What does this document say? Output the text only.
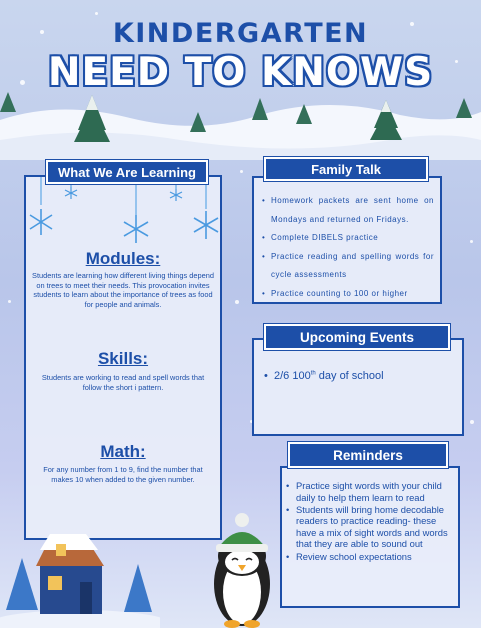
KINDERGARTEN
NEED TO KNOWS
Modules:
Students are learning how different living things depend on trees to meet their needs. This provocation invites students to learn about the importance of trees as food for people and animals.
Skills:
Students are working to read and spell words that follow the short i pattern.
Math:
For any number from 1 to 9, find the number that makes 10 when added to the given number.
What We Are Learning
• Homework packets are sent home on Mondays and returned on Fridays.
• Complete DIBELS practice
• Practice reading and spelling words for cycle assessments
• Practice counting to 100 or higher
Family Talk
• 2/6 100th day of school
Upcoming Events
• Practice sight words with your child daily to help them learn to read
• Students will bring home decodable readers to practice reading- these have a mix of sight words and words that they are able to sound out
• Review school expectations
Reminders
